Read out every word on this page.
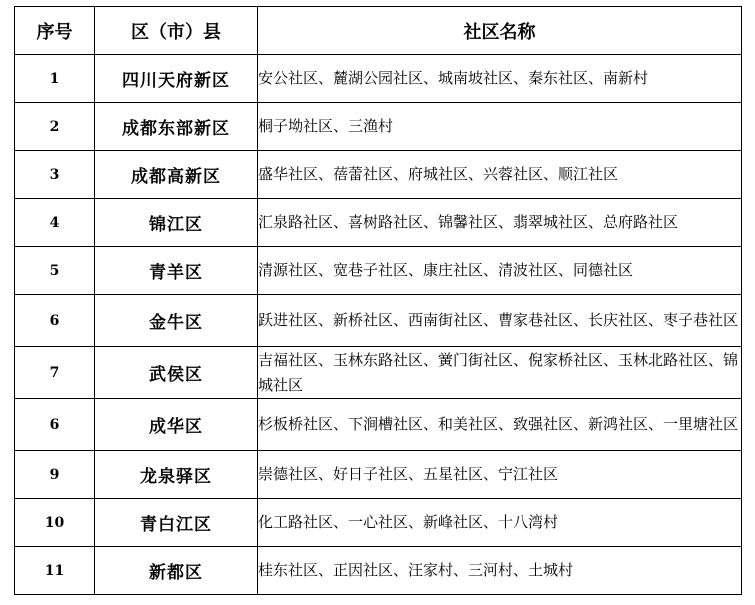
序号	区（市）县	社区名称
1	四川天府新区	安公社区、麓湖公园社区、城南坡社区、秦东社区、南新村
2	成都东部新区	桐子坳社区、三渔村
3	成都高新区	盛华社区、蓓蕾社区、府城社区、兴蓉社区、顺江社区
4	锦江区	汇泉路社区、喜树路社区、锦馨社区、翡翠城社区、总府路社区
5	青羊区	清源社区、宽巷子社区、康庄社区、清波社区、同德社区
6	金牛区	跃进社区、新桥社区、西南街社区、曹家巷社区、长庆社区、枣子巷社区
7	武侯区	吉福社区、玉林东路社区、黉门街社区、倪家桥社区、玉林北路社区、锦城社区
6	成华区	杉板桥社区、下涧槽社区、和美社区、致强社区、新鸿社区、一里塘社区
9	龙泉驿区	崇德社区、好日子社区、五星社区、宁江社区
10	青白江区	化工路社区、一心社区、新峰社区、十八湾村
11	新都区	桂东社区、正因社区、汪家村、三河村、土城村
